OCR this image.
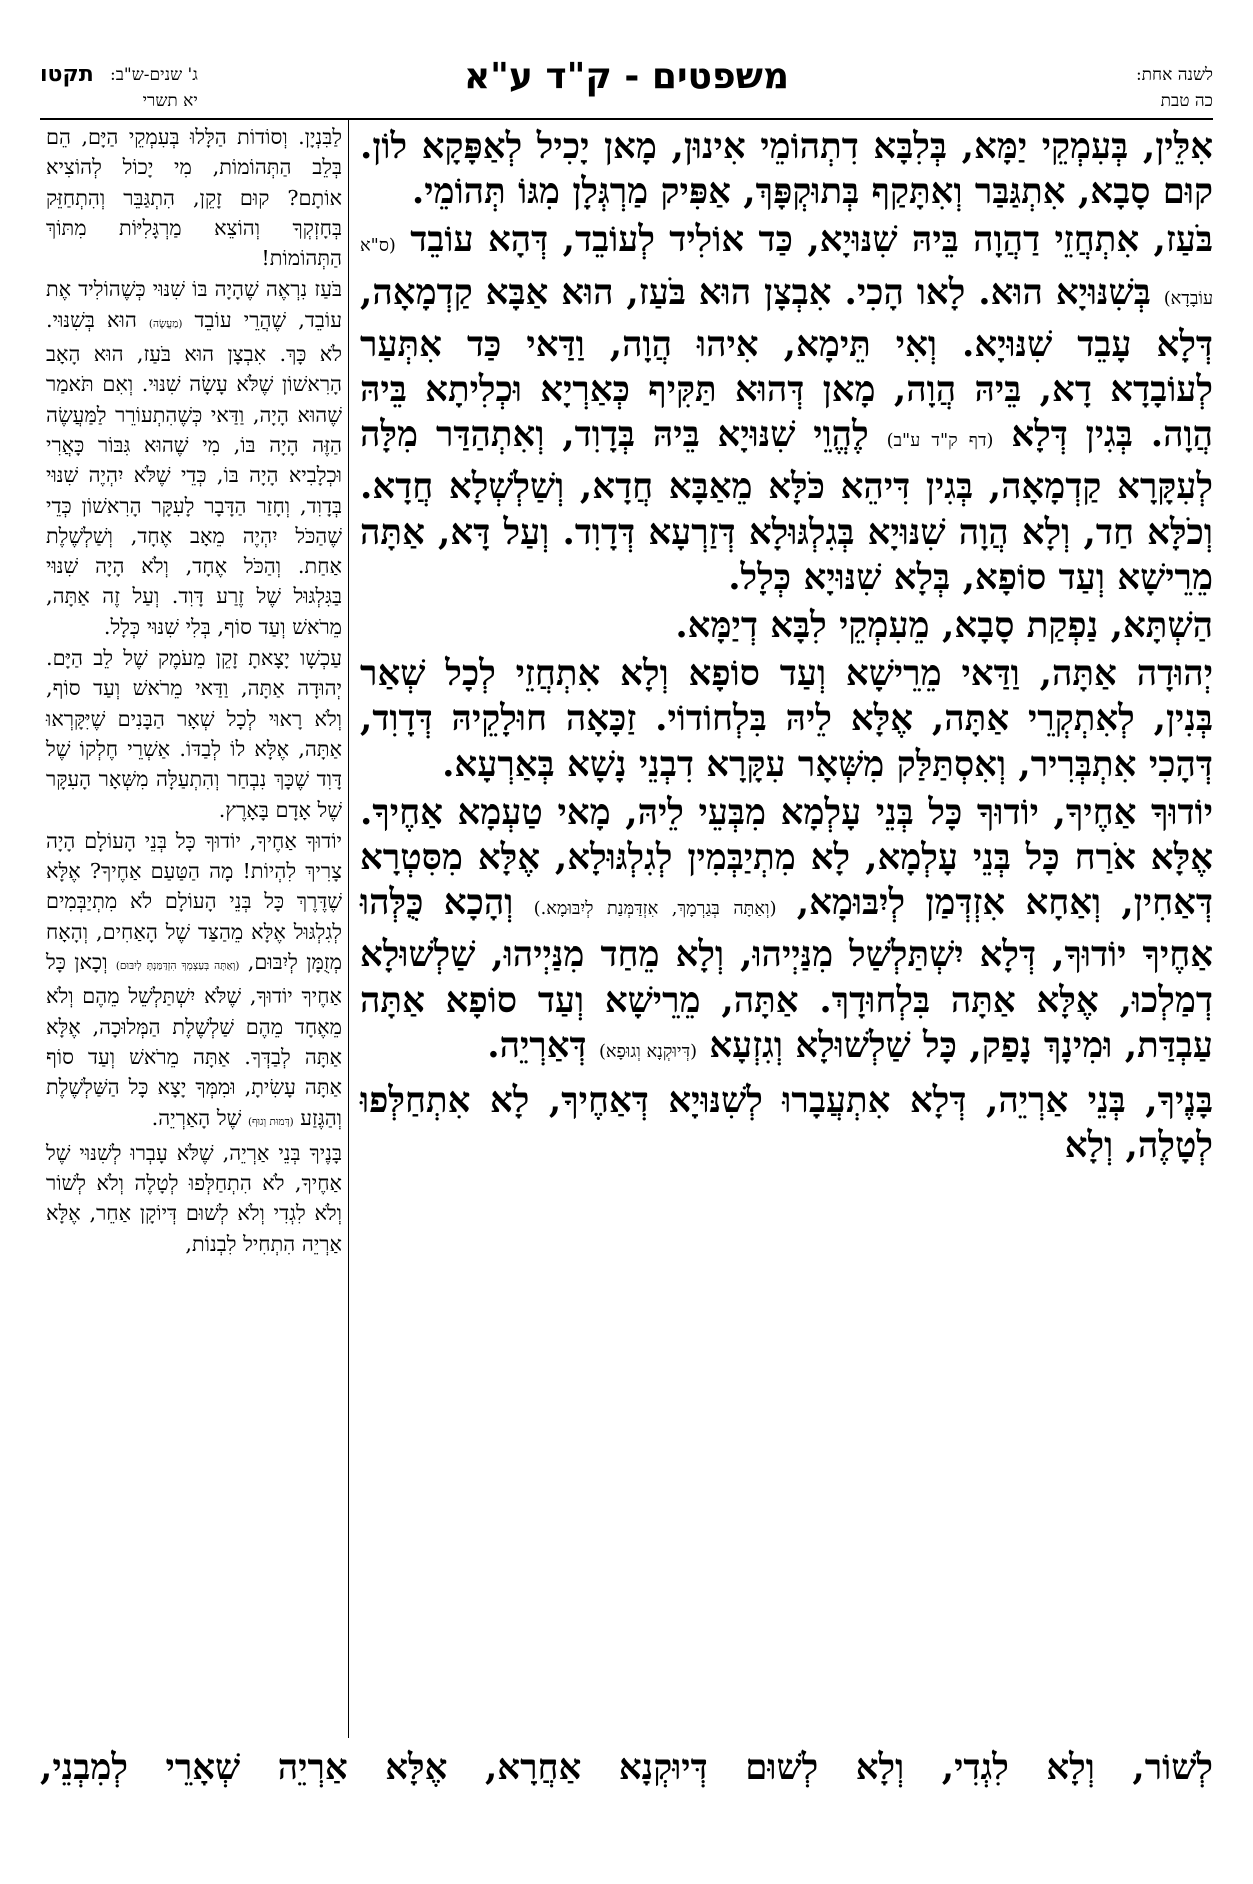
לשנה אחת:
כה טבת
משפטים - ק"ד ע"א
ג' שנים-ש"ב:
יא תשרי
תקטו

אִלֵּין, בְּעִמְקֵי יַמָּא, בְּלִבָּא דִתְהוֹמֵי אִינוּן, מָאן יָכִיל לְאַפָּקָא לוֹן. קוּם סָבָא, אִתְגַּבַּר וְאִתָּקַף בְּתוּקְפָּךְ, אַפִּיק מַרְגְּלָן מִגּוֹ תְּהוֹמֵי.

בֹּעַז, אִתְחֲזֵי דַהֲוָה בֵּיהּ שִׁנּוּיָא, כַּד אוֹלִיד לְעוֹבֵד, דְּהָא עוֹבֵד (ס"א עוֹבָדָא) בְּשִׁנּוּיָא הוּא. לָאו הָכִי. אִבְצָן הוּא בֹּעַז, הוּא אַבָּא קַדְמָאָה, דְּלָא עָבֵד שִׁנּוּיָא. וְאִי תֵּימָא, אִיהוּ הֲוָה, וַדַּאי כַּד אִתְּעַר לְעוֹבָדָא דָא, בֵּיהּ הֲוָה, מָאן דְּהוּא תַּקִּיף כְּאַרְיָא וּכְלִיתָא בֵּיהּ הֲוָה. בְּגִין דְּלָא (דף ק"ד ע"ב) לֶהֱוֵי שִׁנּוּיָא בֵּיהּ בְּדָוִד, וְאִתְהַדַּר מִלָּה לְעִקָּרָא קַדְמָאָה, בְּגִין דִּיהֵא כֹּלָּא מֵאַבָּא חֲדָא, וְשַׁלְשְׁלָא חֲדָא. וְכֹלָּא חַד, וְלָא הֲוָה שִׁנּוּיָא בְּגִלְגּוּלָא דְּזַרְעָא דְּדָוִד. וְעַל דָּא, אַתָּה מֵרֵישָׁא וְעַד סוֹפָא, בְּלָא שִׁנּוּיָא כְּלָל.

הַשְׁתָּא, נַפְקַת סָבָא, מֵעִמְקֵי לִבָּא דְיַמָּא.

יְהוּדָה אַתָּה, וַדַּאי מֵרֵישָׁא וְעַד סוֹפָא וְלָא אִתְחֲזֵי לְכָל שְׁאַר בְּנִין, לְאִתְקְרֵי אַתָּה, אֶלָּא לֵיהּ בִּלְחוֹדוֹי. זַכָּאָה חוּלָקֵיהּ דְּדָוִד, דְּהָכִי אִתְבְּרִיר, וְאִסְתַּלַּק מִשְּׁאָר עִקָּרָא דִבְנֵי נָשָׁא בְּאַרְעָא.

יוֹדוּךָ אַחֶיךָ, יוֹדוּךָ כָּל בְּנֵי עָלְמָא מִבְּעֵי לֵיהּ, מָאי טַעְמָא אַחֶיךָ. אֶלָּא אֹרַח כָּל בְּנֵי עָלְמָא, לָא מִתְיַבְּמִין לְגִלְגּוּלָא, אֶלָּא מִסִּטְרָא דְּאַחִין, וְאַחָא אִזְדְּמַן לְיִבּוּמָא, (וְאַתָּה בְּגַרְמָךְ, אִזְדַּמְּנַת לְיִבּוּמָא.) וְהָכָא כֻּלְּהוּ אַחֶיךָ יוֹדוּךָ, דְּלָא יִשְׁתַּלְשַׁל מִנַּיְיהוּ, וְלָא מֵחַד מִנַּיְיהוּ, שַׁלְשׁוּלָא דְמַלְכוּ, אֶלָּא אַתָּה בִּלְחוּדָךְ. אַתָּה, מֵרֵישָׁא וְעַד סוֹפָא אַתָּה עַבְדַּת, וּמִינָךְ נָפַק, כָּל שַׁלְשׁוּלָא וְגִזְעָא (דְּיוּקְנָא וְגוּפָא) דְּאַרְיֵה.

בָּנֶיךָ, בְּנֵי אַרְיֵה, דְּלָא אִתְעֲבָרוּ לְשִׁנּוּיָא דְּאַחֶיךָ, לָא אִתְחַלְּפוּ לְטָלֶה, וְלָא

לַבִּנְיָן. וְסוֹדוֹת הַלָּלוּ בְּעִמְקֵי הַיָּם, הֵם בְּלֵב הַתְּהוֹמוֹת, מִי יָכוֹל לְהוֹצִיא אוֹתָם? קוּם זָקֵן, הִתְגַּבֵּר וְהִתְחַזֵּק בְּחָזְקְךָ וְהוֹצֵא מַרְגָּלִיּוֹת מִתּוֹךְ הַתְּהוֹמוֹת!

בֹּעַז נִרְאֶה שֶׁהָיָה בּוֹ שִׁנּוּי כְּשֶׁהוֹלִיד אֶת עוֹבֵד, שֶׁהֲרֵי עוֹבֵד (מַעֲשֶׂה) הוּא בְּשִׁנּוּי. לֹא כָּךְ. אִבְצָן הוּא בֹּעַז, הוּא הָאָב הָרִאשׁוֹן שֶׁלֹּא עָשָׂה שִׁנּוּי. וְאִם תֹּאמַר שֶׁהוּא הָיָה, וַדַּאי כְּשֶׁהִתְעוֹרֵר לַמַּעֲשֶׂה הַזֶּה הָיָה בּוֹ, מִי שֶׁהוּא גִּבּוֹר כָּאֲרִי וּכְלָבִיא הָיָה בּוֹ, כְּדֵי שֶׁלֹּא יִהְיֶה שִׁנּוּי בְּדָוִד, וְחָזַר הַדָּבָר לָעִקָּר הָרִאשׁוֹן כְּדֵי שֶׁהַכֹּל יִהְיֶה מֵאָב אֶחָד, וְשַׁלְשֶׁלֶת אַחַת. וְהַכֹּל אֶחָד, וְלֹא הָיָה שִׁנּוּי בַּגִּלְגּוּל שֶׁל זֶרַע דָּוִד. וְעַל זֶה אַתָּה, מֵרֹאשׁ וְעַד סוֹף, בְּלִי שִׁנּוּי כְּלָל.

עַכְשָׁו יָצָאתָ זָקֵן מֵעֹמֶק שֶׁל לֵב הַיָּם. יְהוּדָה אַתָּה, וַדַּאי מֵרֹאשׁ וְעַד סוֹף, וְלֹא רָאוּי לְכָל שְׁאָר הַבָּנִים שֶׁיִּקָּרְאוּ אַתָּה, אֶלָּא לוֹ לְבַדּוֹ. אַשְׁרֵי חֶלְקוֹ שֶׁל דָּוִד שֶׁכָּךְ נִבְחַר וְהִתְעַלָּה מִשְּׁאָר הָעִקָּר שֶׁל אָדָם בָּאָרֶץ.

יוֹדוּךָ אַחֶיךָ, יוֹדוּךָ כָּל בְּנֵי הָעוֹלָם הָיָה צָרִיךְ לִהְיוֹת! מָה הַטַּעַם אַחֶיךָ? אֶלָּא שֶׁדֶּרֶךְ כָּל בְּנֵי הָעוֹלָם לֹא מִתְיַבְּמִים לְגִלְגּוּל אֶלָּא מֵהַצַּד שֶׁל הָאַחִים, וְהָאָח מְזֻמָּן לְיִבּוּם, (וְאַתָּה בְּעַצְמְךָ הִזְדַּמַּנְתָּ לְיִבּוּם) וְכָאן כָּל אַחֶיךָ יוֹדוּךָ, שֶׁלֹּא יִשְׁתַּלְשֵׁל מֵהֶם וְלֹא מֵאֶחָד מֵהֶם שַׁלְשֶׁלֶת הַמְּלוּכָה, אֶלָּא אַתָּה לְבַדְּךָ. אַתָּה מֵרֹאשׁ וְעַד סוֹף אַתָּה עָשִׂיתָ, וּמִמְּךָ יָצָא כָּל הַשַּׁלְשֶׁלֶת וְהַגֶּזַע (דְּמוּת וְגוּף) שֶׁל הָאַרְיֵה.

בָּנֶיךָ בְּנֵי אַרְיֵה, שֶׁלֹּא עָבְרוּ לְשִׁנּוּי שֶׁל אַחֶיךָ, לֹא הִתְחַלְּפוּ לְטָלֶה וְלֹא לְשׁוֹר וְלֹא לִגְדִי וְלֹא לְשׁוּם דְּיוֹקָן אַחֵר, אֶלָּא אַרְיֵה הִתְחִיל לִבְנוֹת,

לְשׁוֹר, וְלָא לִגְדִי, וְלָא לְשׁוּם דְּיוּקְנָא אַחֲרָא, אֶלָּא אַרְיֵה שְׁאָרֵי לְמִבְנֵי,
